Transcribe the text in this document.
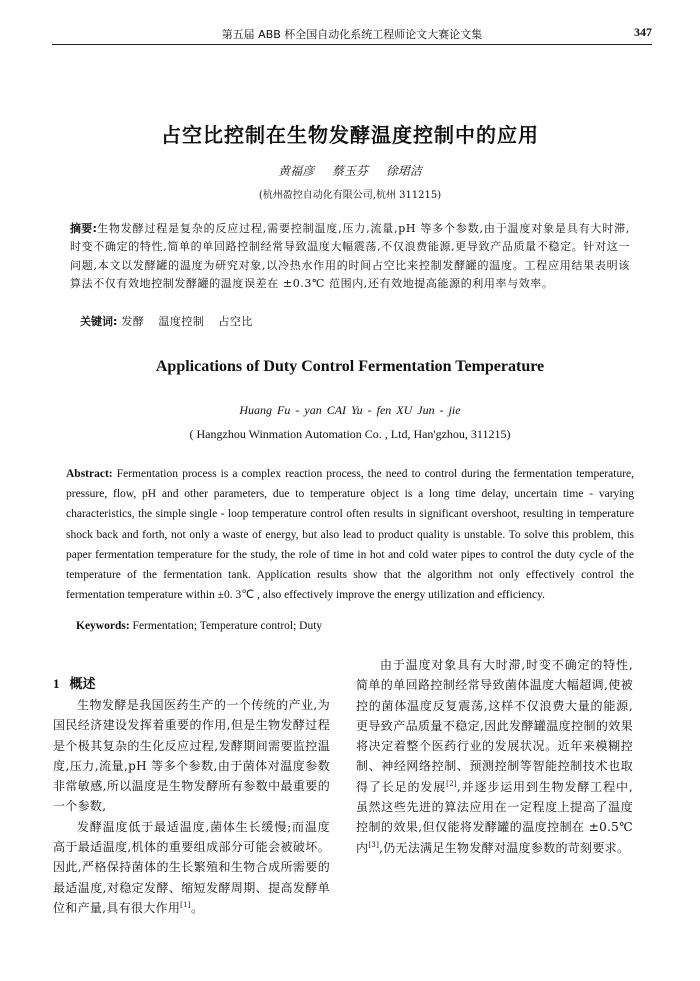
第五届 ABB 杯全国自动化系统工程师论文大赛论文集	347
占空比控制在生物发酵温度控制中的应用
黄福彦 蔡玉芬 徐珺洁
(杭州盈控自动化有限公司,杭州 311215)
摘要:生物发酵过程是复杂的反应过程,需要控制温度,压力,流量,pH 等多个参数,由于温度对象是具有大时滞,时变不确定的特性,简单的单回路控制经常导致温度大幅震荡,不仅浪费能源,更导致产品质量不稳定。针对这一问题,本文以发酵罐的温度为研究对象,以冷热水作用的时间占空比来控制发酵罐的温度。工程应用结果表明该算法不仅有效地控制发酵罐的温度误差在 ±0.3℃ 范围内,还有效地提高能源的利用率与效率。
关键词: 发酵 温度控制 占空比
Applications of Duty Control Fermentation Temperature
Huang Fu - yan CAI Yu - fen XU Jun - jie
( Hangzhou Winmation Automation Co. , Ltd, Han'gzhou, 311215)
Abstract: Fermentation process is a complex reaction process, the need to control during the fermentation temperature, pressure, flow, pH and other parameters, due to temperature object is a long time delay, uncertain time - varying characteristics, the simple single - loop temperature control often results in significant overshoot, resulting in temperature shock back and forth, not only a waste of energy, but also lead to product quality is unstable. To solve this problem, this paper fermentation temperature for the study, the role of time in hot and cold water pipes to control the duty cycle of the temperature of the fermentation tank. Application results show that the algorithm not only effectively control the fermentation temperature within ±0. 3℃ , also effectively improve the energy utilization and efficiency.
Keywords: Fermentation; Temperature control; Duty
1 概述

生物发酵是我国医药生产的一个传统的产业,为国民经济建设发挥着重要的作用,但是生物发酵过程是个极其复杂的生化反应过程,发酵期间需要监控温度,压力,流量,pH 等多个参数,由于菌体对温度参数非常敏感,所以温度是生物发酵所有参数中最重要的一个参数,

发酵温度低于最适温度,菌体生长缓慢;而温度高于最适温度,机体的重要组成部分可能会被破坏。因此,严格保持菌体的生长繁殖和生物合成所需要的最适温度,对稳定发酵、缩短发酵周期、提高发酵单位和产量,具有很大作用[1]。

由于温度对象具有大时滞,时变不确定的特性,简单的单回路控制经常导致菌体温度大幅超调,使被控的菌体温度反复震荡,这样不仅浪费大量的能源,更导致产品质量不稳定,因此发酵罐温度控制的效果将决定着整个医药行业的发展状况。近年来模糊控制、神经网络控制、预测控制等智能控制技术也取得了长足的发展[2],并逐步运用到生物发酵工程中,虽然这些先进的算法应用在一定程度上提高了温度控制的效果,但仅能将发酵罐的温度控制在 ±0.5℃ 内[3],仍无法满足生物发酵对温度参数的苛刻要求。
